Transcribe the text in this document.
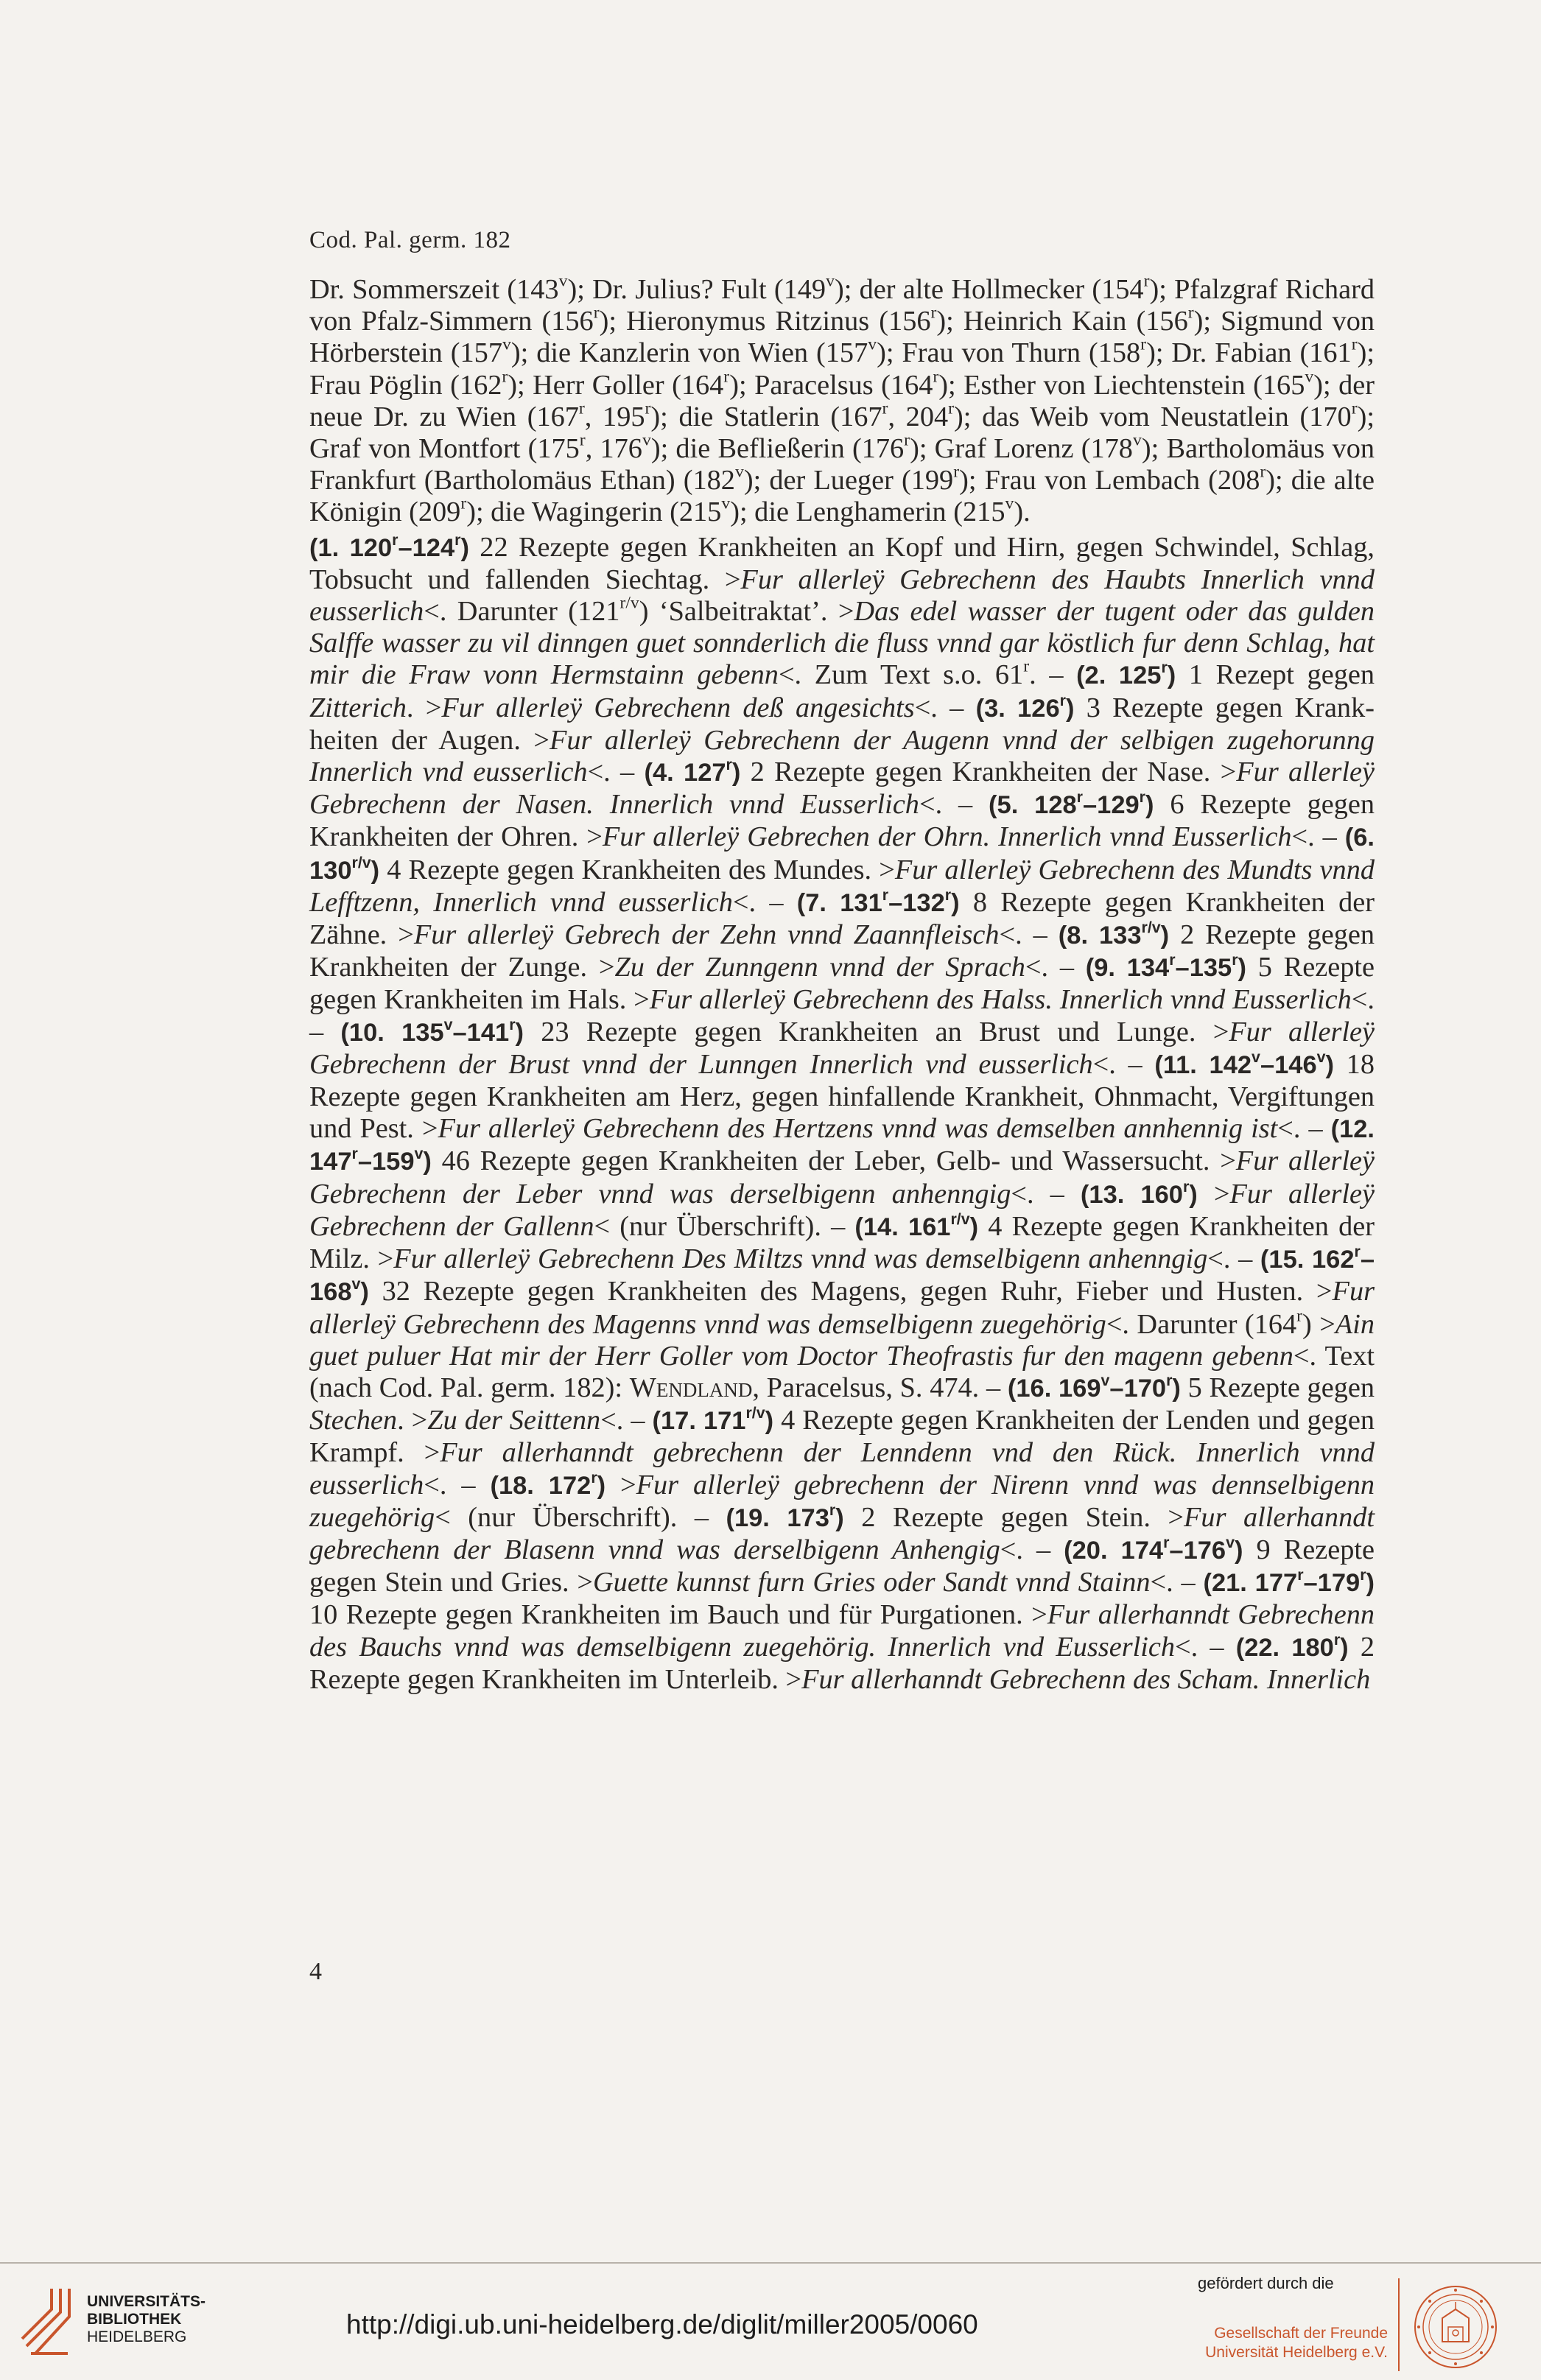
Cod. Pal. germ. 182

Dr. Sommerszeit (143$^v$); Dr. Julius? Fult (149$^v$); der alte Hollmecker (154$^r$); Pfalzgraf Richard von Pfalz-Simmern (156$^r$); Hieronymus Ritzinus (156$^r$); Heinrich Kain (156$^r$); Sigmund von Hörberstein (157$^v$); die Kanzlerin von Wien (157$^v$); Frau von Thurn (158$^r$); Dr. Fabian (161$^r$); Frau Pöglin (162$^r$); Herr Goller (164$^r$); Paracelsus (164$^r$); Esther von Liechtenstein (165$^v$); der neue Dr. zu Wien (167$^r$, 195$^r$); die Statlerin (167$^r$, 204$^r$); das Weib vom Neustatlein (170$^r$); Graf von Montfort (175$^r$, 176$^v$); die Befließerin (176$^r$); Graf Lorenz (178$^v$); Bartholomäus von Frankfurt (Bartholomäus Ethan) (182$^v$); der Lueger (199$^r$); Frau von Lembach (208$^r$); die alte Königin (209$^r$); die Wagingerin (215$^v$); die Lenghamerin (215$^v$).

(1. 120$^r$–124$^r$) 22 Rezepte gegen Krankheiten an Kopf und Hirn, gegen Schwindel, Schlag, Tobsucht und fallenden Siechtag. >Fur allerleÿ Gebrechenn des Haubts Innerlich vnnd eusserlich<. Darunter $(121^{r/v})$ ‘Salbeitraktat’. >Das edel wasser der tugent oder das gulden Salffe wasser zu vil dinngen guet sonnderlich die fluss vnnd gar köstlich fur denn Schlag, hat mir die Fraw vonn Hermstainn gebenn<. Zum Text s.o. 61$^r$. – (2. 125$^r$) 1 Rezept gegen Zitterich. >Fur allerleÿ Gebrechenn deß angesichts<. – (3. 126$^r$) 3 Rezepte gegen Krankheiten der Augen. >Fur allerleÿ Gebrechenn der Augenn vnnd der selbigen zugehorunng Innerlich vnd eusserlich<. – (4. 127$^r$) 2 Rezepte gegen Krankheiten der Nase. >Fur allerleÿ Gebrechenn der Nasen. Innerlich vnnd Eusserlich<. – (5. 128$^r$–129$^r$) 6 Rezepte gegen Krankheiten der Ohren. >Fur allerleÿ Gebrechen der Ohrn. Innerlich vnnd Eusserlich<. – (6. $130^{r/v}$) 4 Rezepte gegen Krankheiten des Mundes. >Fur allerleÿ Gebrechenn des Mundts vnnd Lefftzenn, Innerlich vnnd eusserlich<. – (7. 131$^r$–132$^r$) 8 Rezepte gegen Krankheiten der Zähne. >Fur allerleÿ Gebrech der Zehn vnnd Zaannfleisch<. – (8. $133^{r/v}$) 2 Rezepte gegen Krankheiten der Zunge. >Zu der Zunngenn vnnd der Sprach<. – (9. 134$^r$–135$^r$) 5 Rezepte gegen Krankheiten im Hals. >Fur allerleÿ Gebrechenn des Halss. Innerlich vnnd Eusserlich<. – (10. 135$^v$–141$^r$) 23 Rezepte gegen Krankheiten an Brust und Lunge. >Fur allerleÿ Gebrechenn der Brust vnnd der Lunngen Innerlich vnd eusserlich<. – (11. 142$^v$–146$^v$) 18 Rezepte gegen Krankheiten am Herz, gegen hinfallende Krankheit, Ohnmacht, Vergiftungen und Pest. >Fur allerleÿ Gebrechenn des Hertzens vnnd was demselben annhennig ist<. – (12. 147$^r$–159$^v$) 46 Rezepte gegen Krankheiten der Leber, Gelb- und Wassersucht. >Fur allerleÿ Gebrechenn der Leber vnnd was derselbigenn anhenngig<. – (13. $160^r) >Fur$ allerleÿ Gebrechenn der Gallenn< (nur Überschrift). – (14. $161^{r/v}$) 4 Rezepte gegen Krankheiten der Milz. >Fur allerleÿ Gebrechenn Des Miltzs vnnd was demselbigenn anhenngig<. – (15. 162$^r$–168$^v$) 32 Rezepte gegen Krankheiten des Magens, gegen Ruhr, Fieber und Husten. >Fur allerleÿ Gebrechenn des Magenns vnnd was demselbigenn zuegehörig<. Darunter $(164^r) >Ain$ guet puluer Hat mir der Herr Goller vom Doctor Theofrastis fur den magenn gebenn<. Text (nach Cod. Pal. germ. 182): Wendland, Paracelsus, S. 474. – (16. 169$^v$–170$^r$) 5 Rezepte gegen Stechen. >Zu der Seittenn<. – (17. $171^{r/v}$) 4 Rezepte gegen Krankheiten der Lenden und gegen Krampf. >Fur allerhanndt gebrechenn der Lenndenn vnd den Rück. Innerlich vnnd eusserlich<. – (18. $172^r) >Fur$ allerleÿ gebrechenn der Nirenn vnnd was dennselbigenn zuegehörig< (nur Überschrift). – (19. 173$^r$) 2 Rezepte gegen Stein. >Fur allerhanndt gebrechenn der Blasenn vnnd was derselbigenn Anhengig<. – (20. 174$^r$–176$^v$) 9 Rezepte gegen Stein und Gries. >Guette kunnst furn Gries oder Sandt vnnd Stainn<. – (21. 177$^r$–179$^r$) 10 Rezepte gegen Krankheiten im Bauch und für Purgationen. >Fur allerhanndt Gebrechenn des Bauchs vnnd was demselbigenn zuegehörig. Innerlich vnd Eusserlich<. – (22. 180$^r$) 2 Rezepte gegen Krankheiten im Unterleib. >Fur allerhanndt Gebrechenn des Scham. Innerlich

4
UNIVERSITÄTS-
BIBLIOTHEK
HEIDELBERG	http://digi.ub.uni-heidelberg.de/diglit/miller2005/0060
gefördert durch die
Gesellschaft der Freunde
Universität Heidelberg e.V.
